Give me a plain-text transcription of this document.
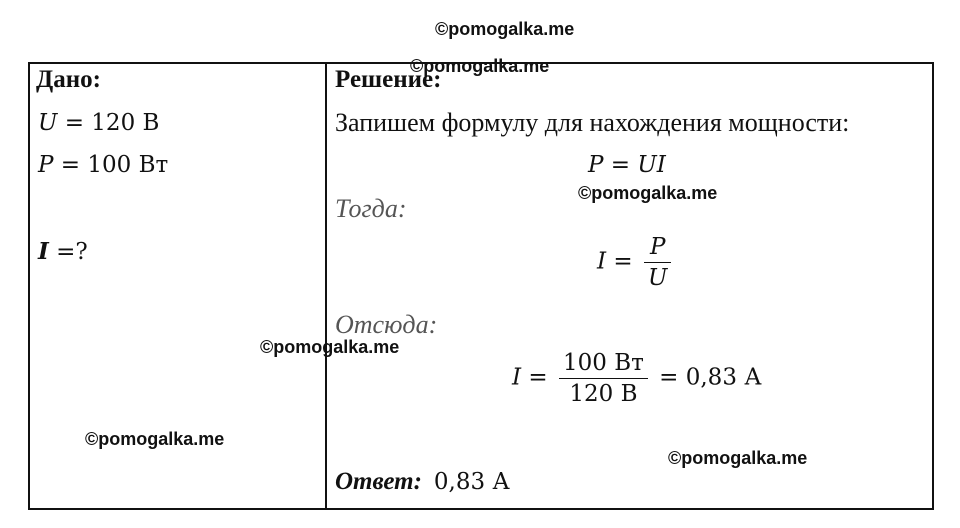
©pomogalka.me
©pomogalka.me
©pomogalka.me
©pomogalka.me
©pomogalka.me
©pomogalka.me
Дано:
U = 120 В
P = 100 Вт
I =?
Решение:
Запишем формулу для нахождения мощности:
P = UI
Тогда:
$I = \frac{P}{U}$
Отсюда:
$I = \frac{100 Вт}{120 В} = 0,83$ А
Ответ: 0,83 А
